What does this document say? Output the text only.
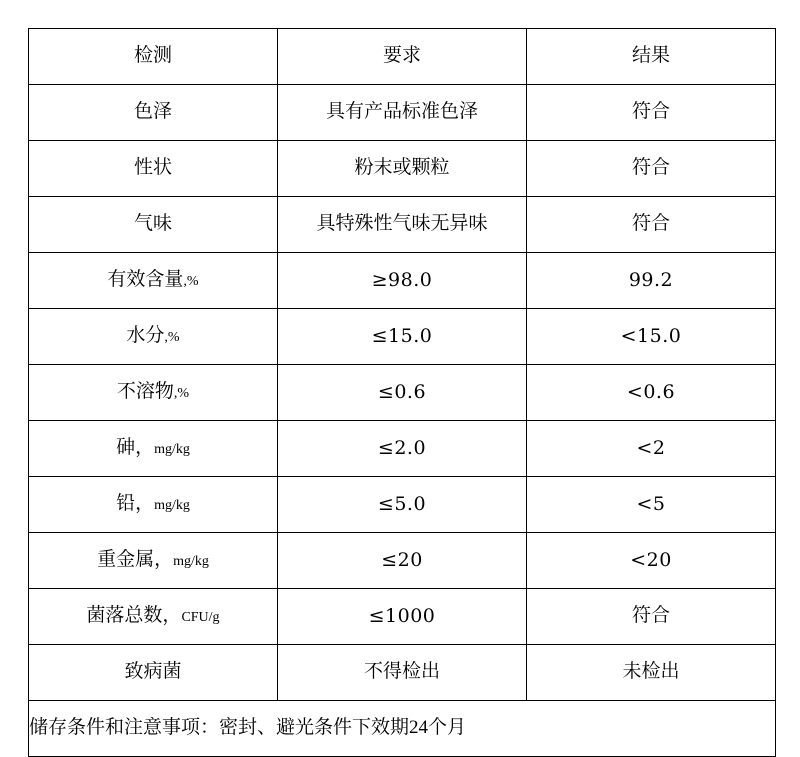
检测	要求	结果

色泽	具有产品标准色泽	符合

性状	粉末或颗粒	符合

气味	具特殊性气味无异味	符合

有效含量 ,%	≥98.0	99.2

水分 ,%	≤15.0	<15.0

不溶物 ,%	≤0.6	<0.6

砷， mg/kg	≤2.0	<2

铅， mg/kg	≤5.0	<5

重金属， mg/kg	≤20	<20

菌落总数， CFU/g	≤1000	符合

致病菌	不得检出	未检出

储存条件和注意事项：密封、避光条件下效期24个月		
